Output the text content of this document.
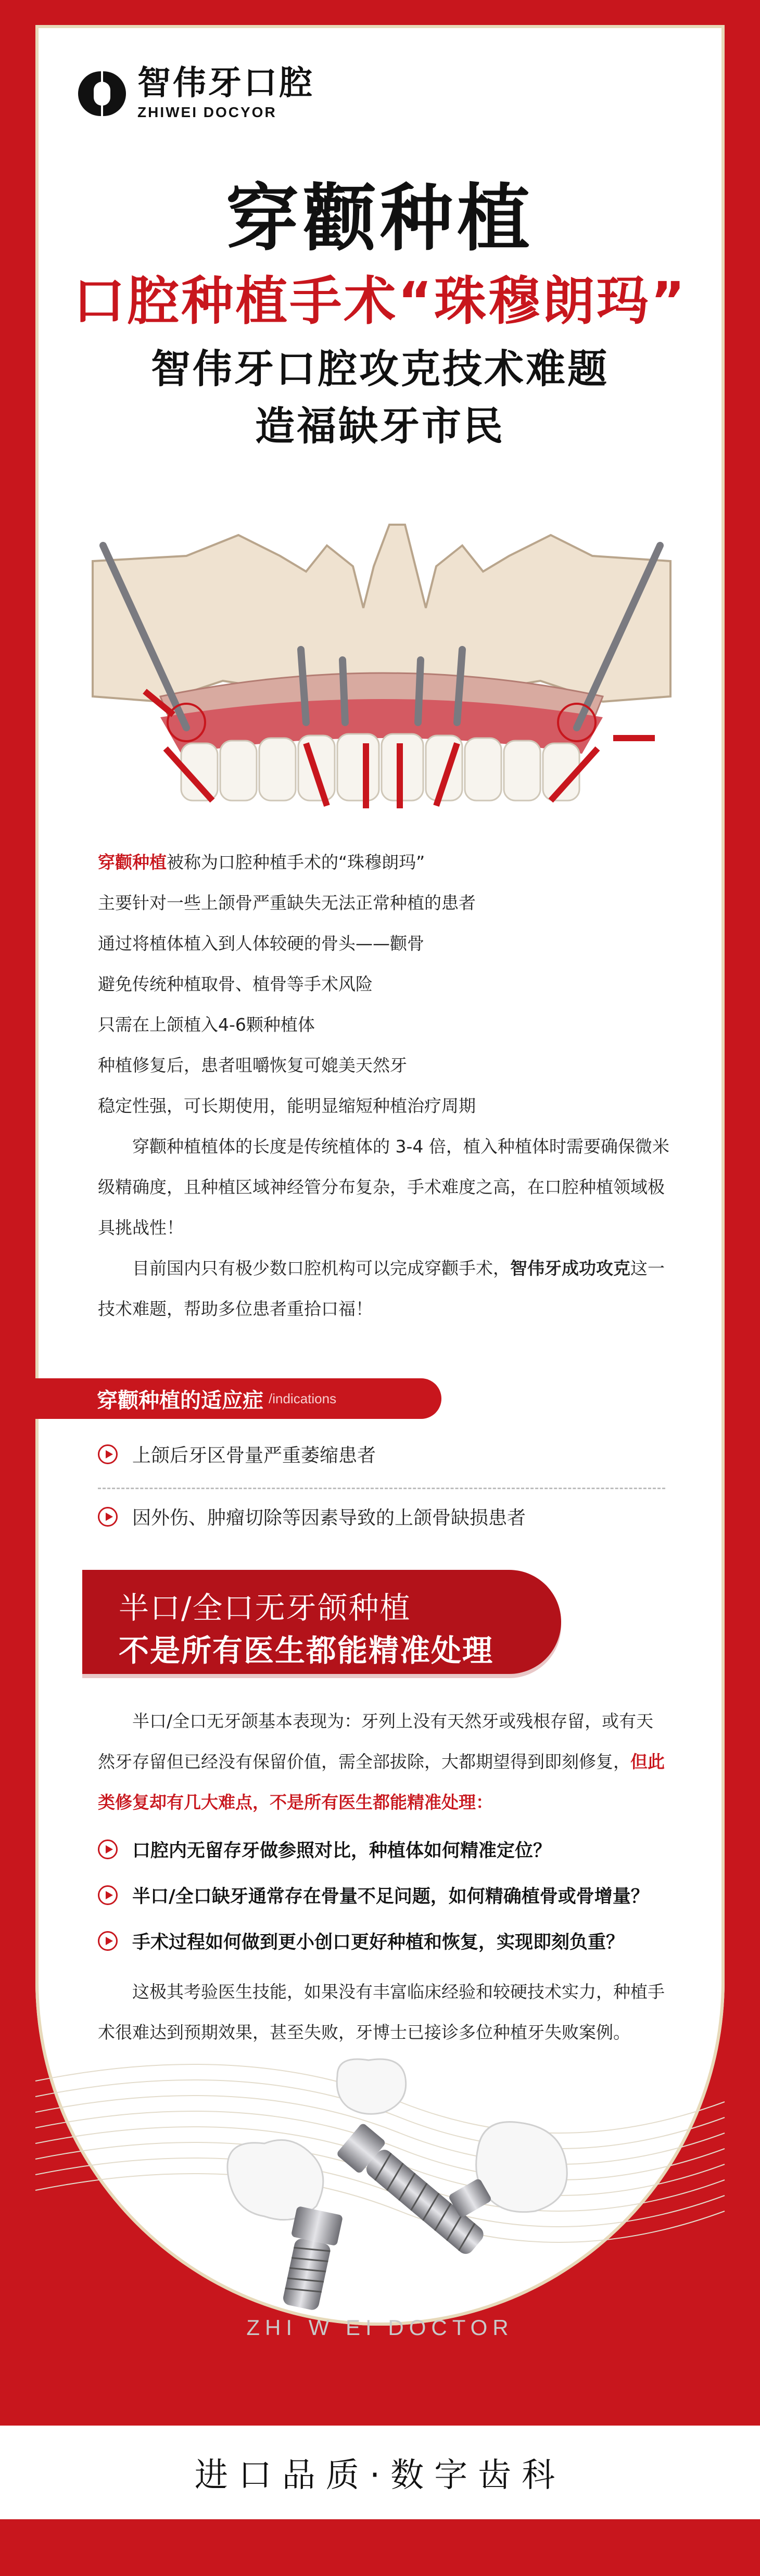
智伟牙口腔
ZHIWEI DOCYOR
穿颧种植
口腔种植手术“珠穆朗玛”
智伟牙口腔攻克技术难题
造福缺牙市民

穿颧种植被称为口腔种植手术的“珠穆朗玛”

主要针对一些上颌骨严重缺失无法正常种植的患者

通过将植体植入到人体较硬的骨头——颧骨

避免传统种植取骨、植骨等手术风险

只需在上颌植入4-6颗种植体

种植修复后，患者咀嚼恢复可媲美天然牙

稳定性强，可长期使用，能明显缩短种植治疗周期

穿颧种植植体的长度是传统植体的 3-4 倍，植入种植体时需要确保微米级精确度，且种植区域神经管分布复杂，手术难度之高，在口腔种植领域极具挑战性！

目前国内只有极少数口腔机构可以完成穿颧手术，智伟牙成功攻克这一技术难题，帮助多位患者重拾口福！

穿颧种植的适应症 /indications
上颌后牙区骨量严重萎缩患者
因外伤、肿瘤切除等因素导致的上颌骨缺损患者
半口/全口无牙颌种植
不是所有医生都能精准处理

半口/全口无牙颌基本表现为：牙列上没有天然牙或残根存留，或有天然牙存留但已经没有保留价值，需全部拔除，大都期望得到即刻修复，但此类修复却有几大难点，不是所有医生都能精准处理：

口腔内无留存牙做参照对比，种植体如何精准定位？
半口/全口缺牙通常存在骨量不足问题，如何精确植骨或骨增量？
手术过程如何做到更小创口更好种植和恢复，实现即刻负重？

这极其考验医生技能，如果没有丰富临床经验和较硬技术实力，种植手术很难达到预期效果，甚至失败，牙博士已接诊多位种植牙失败案例。

ZHI W EI DOCTOR
进口品质·数字齿科
